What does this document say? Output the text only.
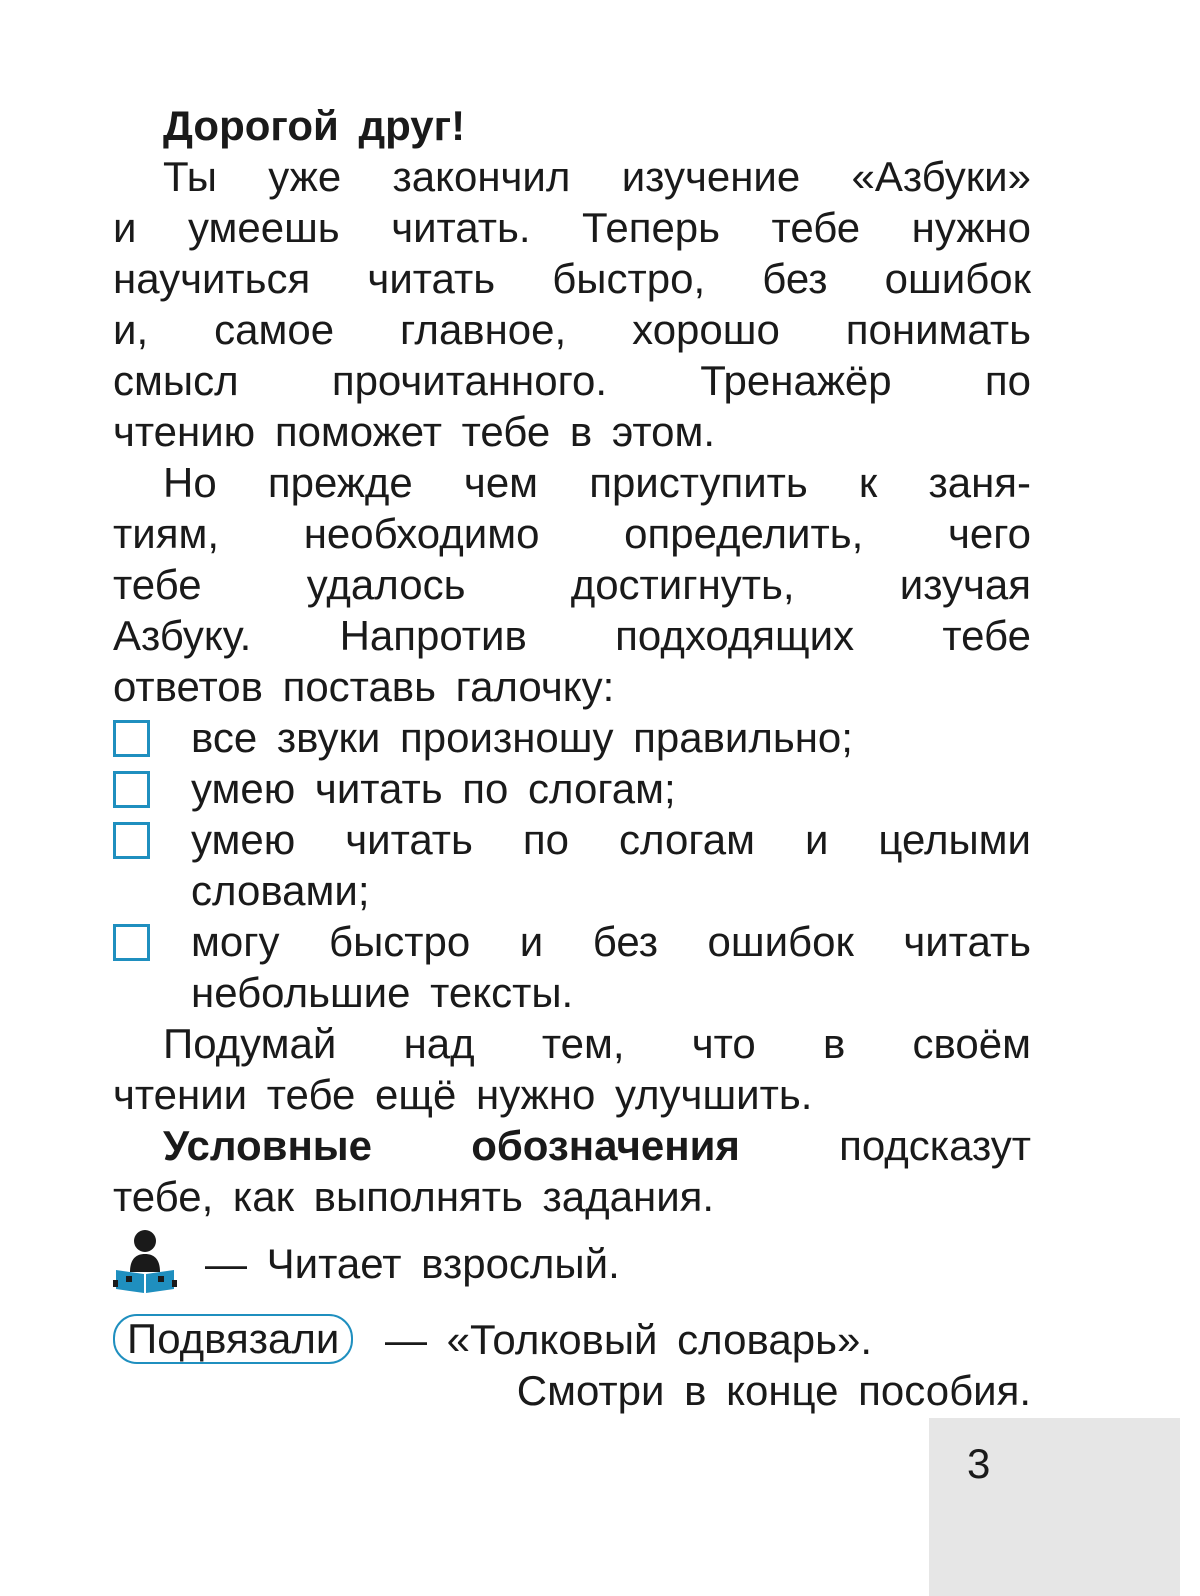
Дорогой друг!
Ты уже закончил изучение «Азбуки»
и умеешь читать. Теперь тебе нужно
научиться читать быстро, без ошибок
и, самое главное, хорошо понимать
смысл прочитанного. Тренажёр по
чтению поможет тебе в этом.
Но прежде чем приступить к заня-
тиям, необходимо определить, чего
тебе удалось достигнуть, изучая
Азбуку. Напротив подходящих тебе
ответов поставь галочку:
все звуки произношу правильно;
умею читать по слогам;
умею читать по слогам и целыми
словами;
могу быстро и без ошибок читать
небольшие тексты.
Подумай над тем, что в своём
чтении тебе ещё нужно улучшить.
Условные обозначения подсказут
тебе, как выполнять задания.
— Читает взрослый.
Подвязали	— «Толковый словарь».
Смотри в конце пособия.
3
